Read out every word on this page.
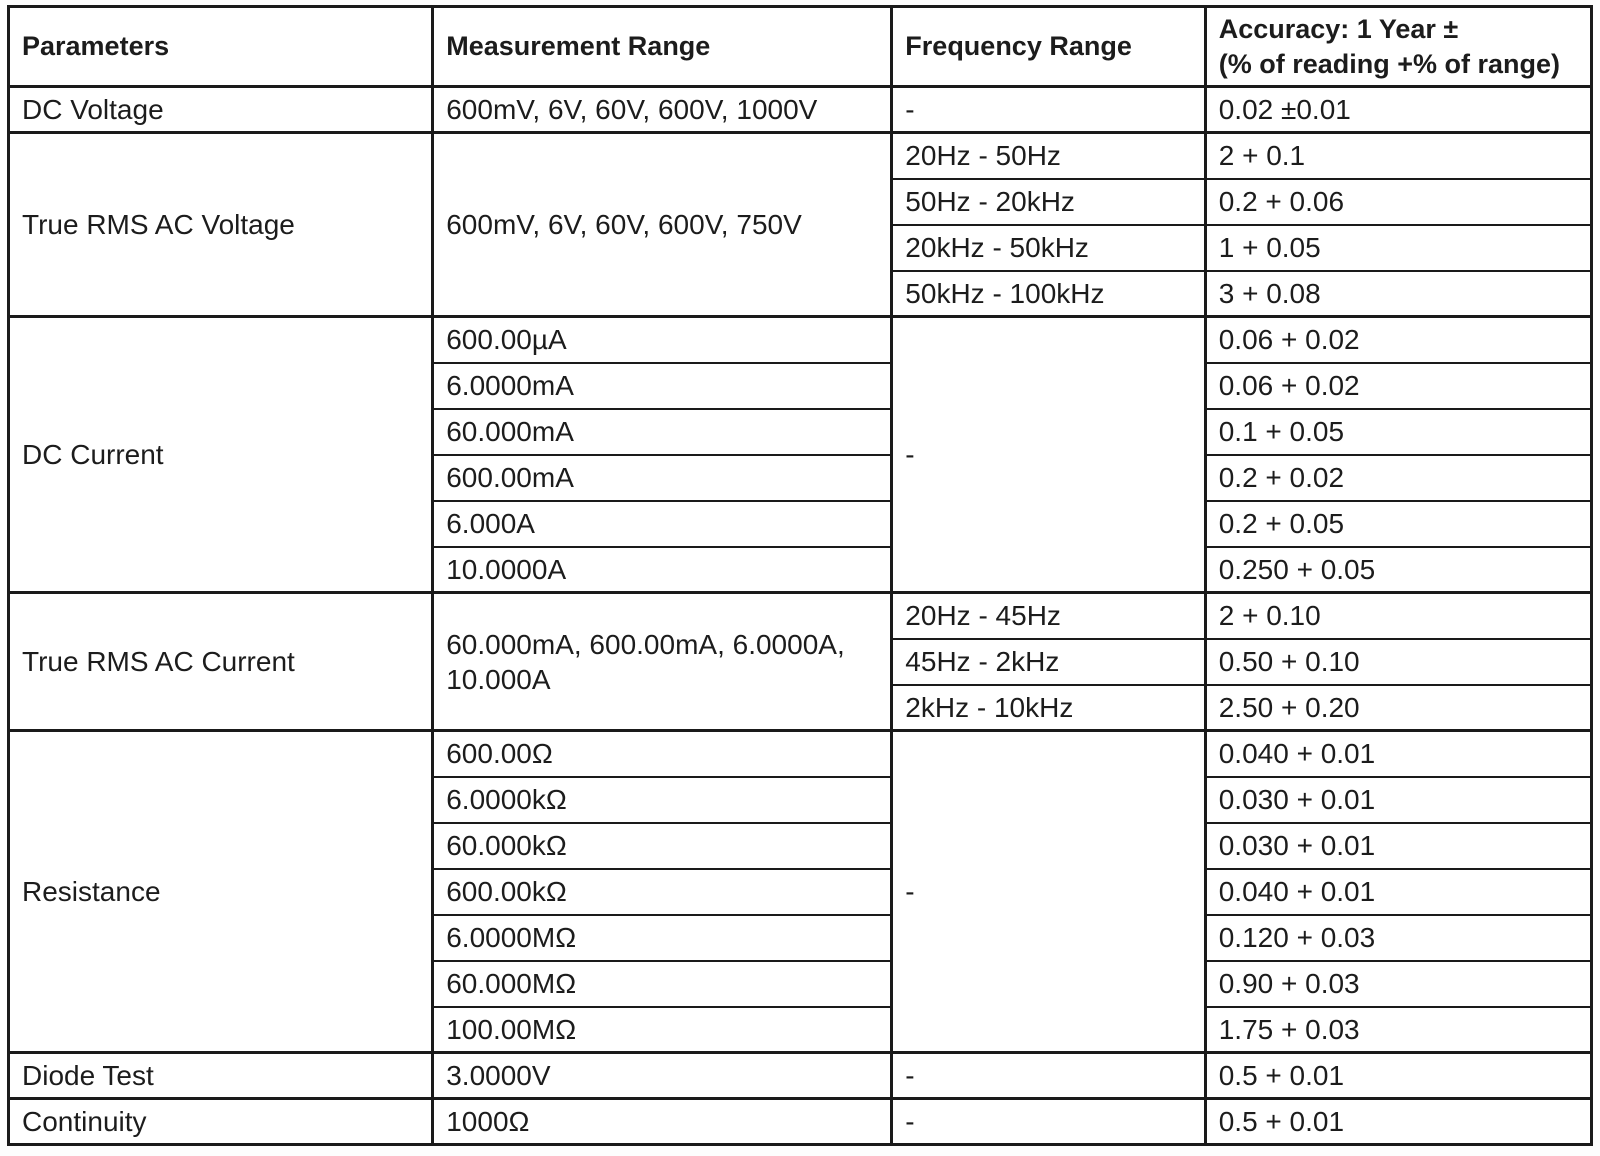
Parameters	Measurement Range	Frequency Range	Accuracy: 1 Year ±
(% of reading +% of range)

DC Voltage	600mV, 6V, 60V, 600V, 1000V	-	0.02 ±0.01
True RMS AC Voltage	600mV, 6V, 60V, 600V, 750V	20Hz - 50Hz	2 + 0.1
		50Hz - 20kHz	0.2 + 0.06
		20kHz - 50kHz	1 + 0.05
		50kHz - 100kHz	3 + 0.08
DC Current	600.00µA	-	0.06 + 0.02
	6.0000mA		0.06 + 0.02
	60.000mA		0.1 + 0.05
	600.00mA		0.2 + 0.02
	6.000A		0.2 + 0.05
	10.0000A		0.250 + 0.05
True RMS AC Current	60.000mA, 600.00mA, 6.0000A, 10.000A	20Hz - 45Hz	2 + 0.10
		45Hz - 2kHz	0.50 + 0.10
		2kHz - 10kHz	2.50 + 0.20
Resistance	600.00Ω	-	0.040 + 0.01
	6.0000kΩ		0.030 + 0.01
	60.000kΩ		0.030 + 0.01
	600.00kΩ		0.040 + 0.01
	6.0000MΩ		0.120 + 0.03
	60.000MΩ		0.90 + 0.03
	100.00MΩ		1.75 + 0.03
Diode Test	3.0000V	-	0.5 + 0.01
Continuity	1000Ω	-	0.5 + 0.01
